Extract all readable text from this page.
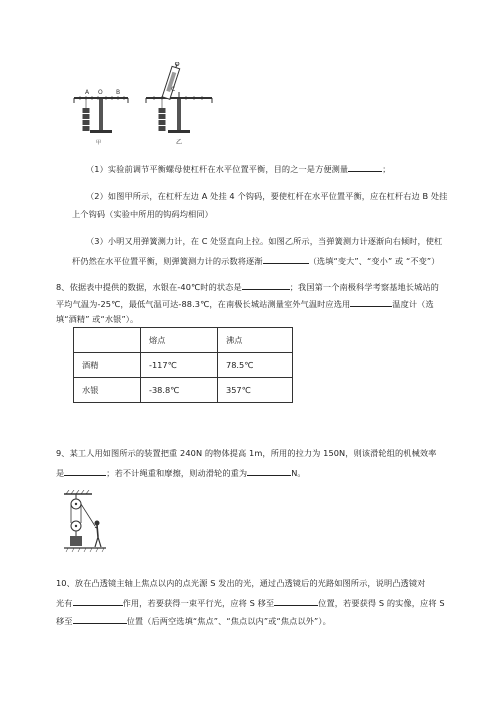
A O B
甲
C
乙
（1）实验前调节平衡螺母使杠杆在水平位置平衡，目的之一是方便测量	；
（2）如图甲所示，在杠杆左边 A 处挂 4 个钩码，要使杠杆在水平位置平衡，应在杠杆右边 B 处挂
上个钩码（实验中所用的钩码均相同）
（3）小明又用弹簧测力计，在 C 处竖直向上拉。如图乙所示，当弹簧测力计逐渐向右倾时，使杠
杆仍然在水平位置平衡，则弹簧测力计的示数将逐渐	（选填“变大”、“变小” 或 “不变”）
8、依据表中提供的数据，水银在-40℃时的状态是	；我国第一个南极科学考察基地长城站的
平均气温为-25℃，最低气温可达-88.3℃，在南极长城站测量室外气温时应选用	温度计（选
填“酒精” 或“水银”）。
	熔点	沸点
酒精	-117℃	78.5℃
水银	-38.8℃	357℃
9、某工人用如图所示的装置把重 240N 的物体提高 1m，所用的拉力为 150N，则该滑轮组的机械效率
是	；若不计绳重和摩擦，则动滑轮的重为	N。
10、放在凸透镜主轴上焦点以内的点光源 S 发出的光，通过凸透镜后的光路如图所示，说明凸透镜对
光有	作用，若要获得一束平行光，应将 S 移至	位置，若要获得 S 的实像，应将 S
移至	位置（后两空选填“焦点”、“焦点以内”或“焦点以外”）。
